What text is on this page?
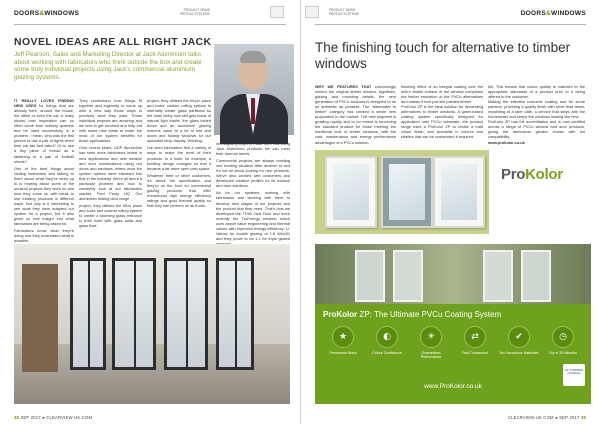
DOORS&WINDOWS	PRODUCT NEWS
PROFILE SYSTEMS
NOVEL IDEAS ARE ALL RIGHT JACK
Jeff Pearson, Sales and Marketing Director at Jack Aluminium talks about working with fabricators who think outside the box and create some truly individual projects using Jack's commercial aluminium glazing systems.

IT REALLY LOVES FINDING NEW USES for things that are already here, around the house, the office or even the car. It really shows how inspiration can so often come from unlikely quarters and be used successfully in a problem. I mean, who was the first person to use a pair of tights when their car fan belt failed? Or to use a tiny piece of thread as a fastening to a pair of football shorts?

One of the best things about visiting customers and talking to them about what they've been up to is hearing about some of the unusual projects they work on and how they come up with ideas to use existing products in different ways. Not only is it interesting to see what they have adapted our system for a project, but it also gives us real insight into what fabricators are being asked for.

Fabricators know what they're doing and they understand what is possible.

They understand how things fit together and ingenuity to come up with a new way those ways to precisely what they want. Those individual projects are amazing and we love to get involved and help out with some new ideas to make the most of our system benefits for those applications.

Over recent years, UDP Aluminium has seen more fabricators invest in new applications and new window and door combinations using our doors and windows, where once the system options were standard bits that in the industry. We're all about a particular problem and how to creatively look at our fabrication market, Fred Fenty HQ. Our aluminium folding door range

project, they utilised the tilt-in place and locks and custom rolling system to create a stunning glass entrance to their hotel with glass walls and glass floor.

project, they utilised the tilt-pin place and locks' custom rolling system to internally create glass partitions so the hotel lobby now still gets loads of natural light inside, the glass folded doors and an aluminium glazing screens came at a lot of fold and doors and folding windows for our specialist shop display. Working.

I've seen fabricators find a variety of ways to make the most of their products. In a hotel, for example, a building design changed so that it became a far more open plan space.

Whatever their or other customers, it's about the specification and they're on the front for commercial glazing products that offer exceptional high energy efficiency ratings and good thermal quality so that they can perform on all fronts.

investigating ways to make sure that using Jack Aluminium products we can meet their thermal needs.

Commercial projects are always creating one exciting situation after another to and it's not all about looking for new products. We've also worked with customers and developed creative profiles for its window and door solutions.

As for our systems, working with fabricators and working with them to develop new stages of our projects and the product that they need. That's how we developed the TD90 Jack Door and more recently the TruEnergy window, which uses above value engineering and thermal values with improved energy efficiency: U-Values for double glazing of 1.6 W/m2K and they prove to be 1.2 for triple glazed

38 SEP 2017 ● CLEARVIEW-UK.COM
PRODUCT NEWS
PROFILE SYSTEMS	DOORS&WINDOWS
The finishing touch for alternative to timber windows

WHY WE FEATURES THAT convincingly mimics the original timber window, sightlines, glazing and moulding details; the next generation of PVCu windows is designed to be as authentic as possible. The “alternative to timber” category has created a whole new proposition in the market. The new segment is growing rapidly and to an extent is becoming the standard product for those meeting the traditional look of timber windows, with the cost, maintenance and energy performance advantages of a PVCu solution.

finishing effect of an integral coating over the entire visible surface of the window completes the timber emulation of the PVCu alternatives and makes it look just like painted timber.

ProKolor ZP is the ideal solution for decorating alternatives to timber windows. A water-based coating system specifically designed for application onto PVCu substrate, the product range uses a ProKolor ZP to create a matt colour finish; and specialist in colours and shades that can be customised if required.

full. This means that colour quality is matched to the appropriate standards of a product prior to it being offered to the customer.

Making the effective cosmetic coating and for some painters, providing a quality finish with short lead times, repainting at a later date, a service that stays with the homeowner and keeps the windows looking like new.

ProKolor ZP has full accreditation and is now certified across a range of PVCu window and door products, giving the fabricators greater choice with full compatibility.

www.prokolor.co.uk

ProKolor
ProKolor ZP: The Ultimate PVCu Coating System
★
Permanent Bond
◐
Colour Confidence
☀
Guaranteed Performance
⇄
Fast Turnaround
✔
No Hazardous Materials
◷
Dry in 30 Minutes
www.ProKolor.co.uk
UK POWDER COATING
CLEARVIEW-UK.COM ● SEP 2017 39
